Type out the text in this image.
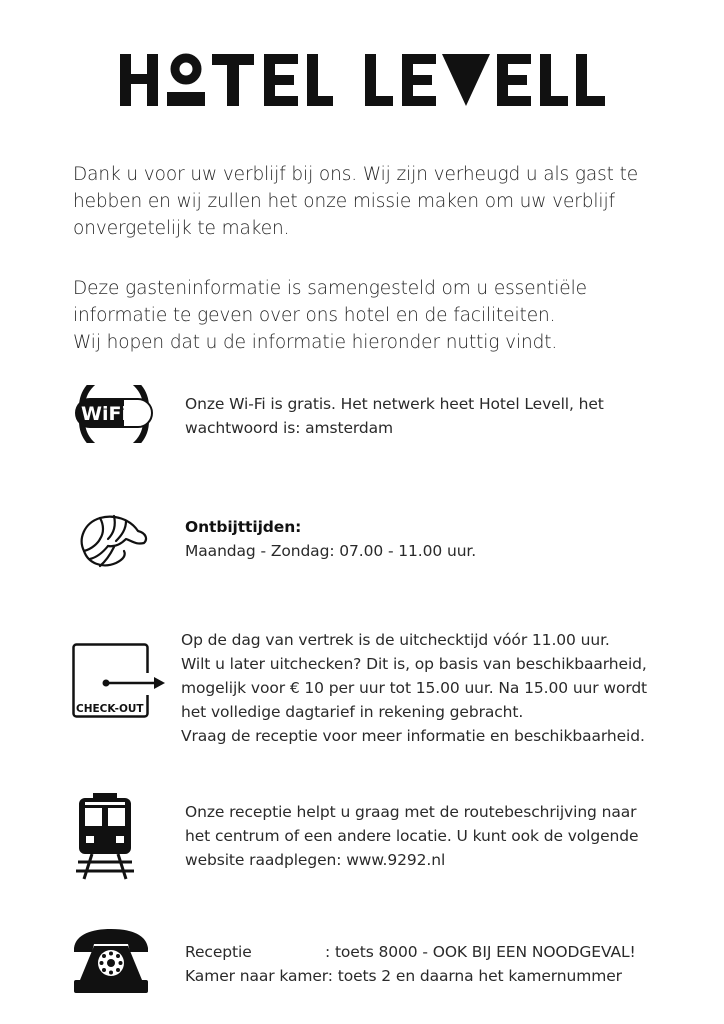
Dank u voor uw verblijf bij ons. Wij zijn verheugd u als gast te

hebben en wij zullen het onze missie maken om uw verblijf

onvergetelijk te maken.

Deze gasteninformatie is samengesteld om u essentiële

informatie te geven over ons hotel en de faciliteiten.

Wij hopen dat u de informatie hieronder nuttig vindt.

WiFi	Onze Wi-Fi is gratis. Het netwerk heet Hotel Levell, het

wachtwoord is: amsterdam

Ontbijttijden:

Maandag - Zondag: 07.00 - 11.00 uur.

CHECK-OUT

Op de dag van vertrek is de uitchecktijd vóór 11.00 uur.

Wilt u later uitchecken? Dit is, op basis van beschikbaarheid,

mogelijk voor € 10 per uur tot 15.00 uur. Na 15.00 uur wordt

het volledige dagtarief in rekening gebracht.

Vraag de receptie voor meer informatie en beschikbaarheid.

Onze receptie helpt u graag met de routebeschrijving naar

het centrum of een andere locatie. U kunt ook de volgende

website raadplegen: www.9292.nl

Receptie	: toets 8000 - OOK BIJ EEN NOODGEVAL!

Kamer naar kamer: toets 2 en daarna het kamernummer
